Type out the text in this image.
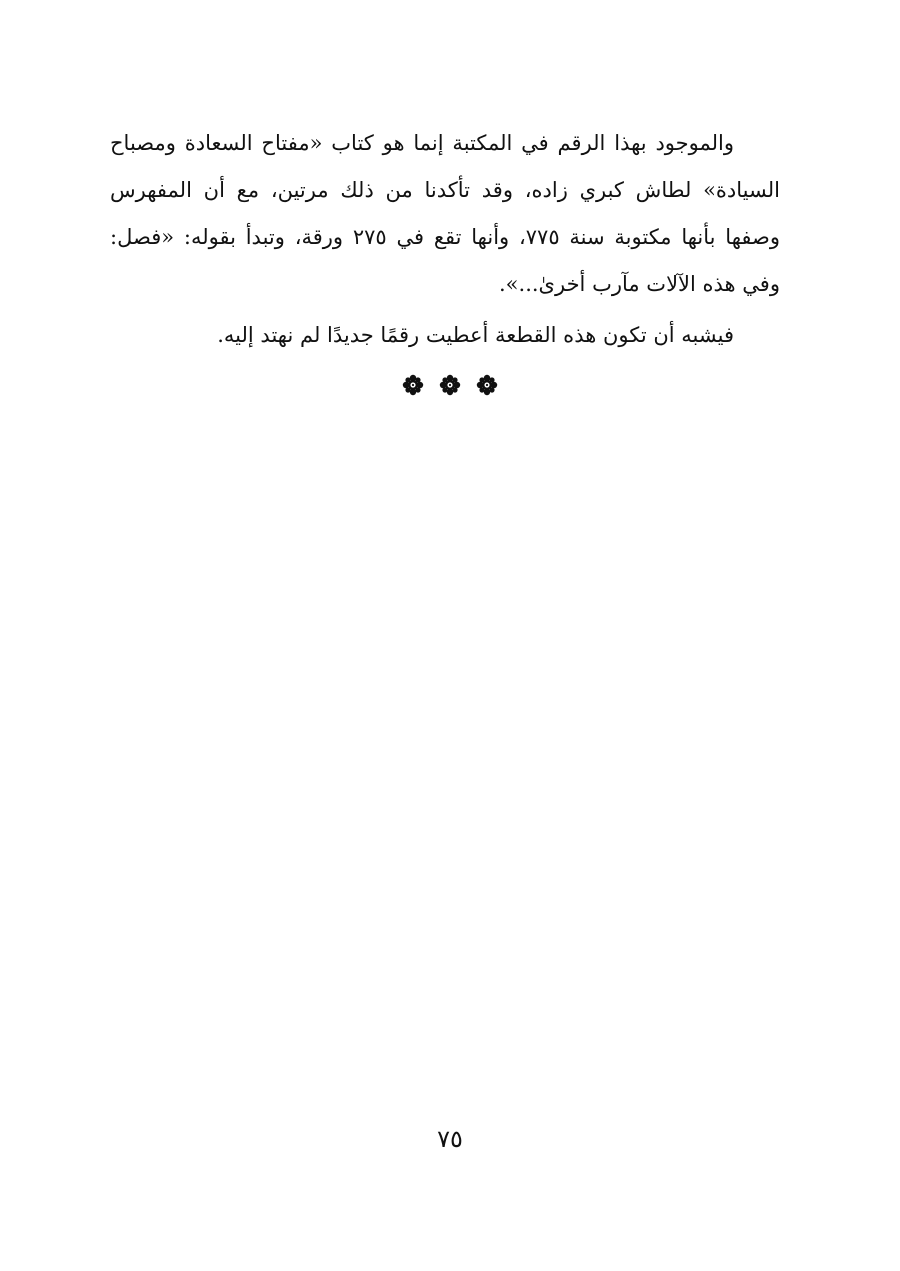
والموجود بهذا الرقم في المكتبة إنما هو كتاب «مفتاح السعادة ومصباح السيادة» لطاش كبري زاده، وقد تأكدنا من ذلك مرتين، مع أن المفهرس وصفها بأنها مكتوبة سنة ٧٧٥، وأنها تقع في ٢٧٥ ورقة، وتبدأ بقوله: «فصل: وفي هذه الآلات مآرب أخرىٰ...».

فيشبه أن تكون هذه القطعة أعطيت رقمًا جديدًا لم نهتد إليه.

٧٥
